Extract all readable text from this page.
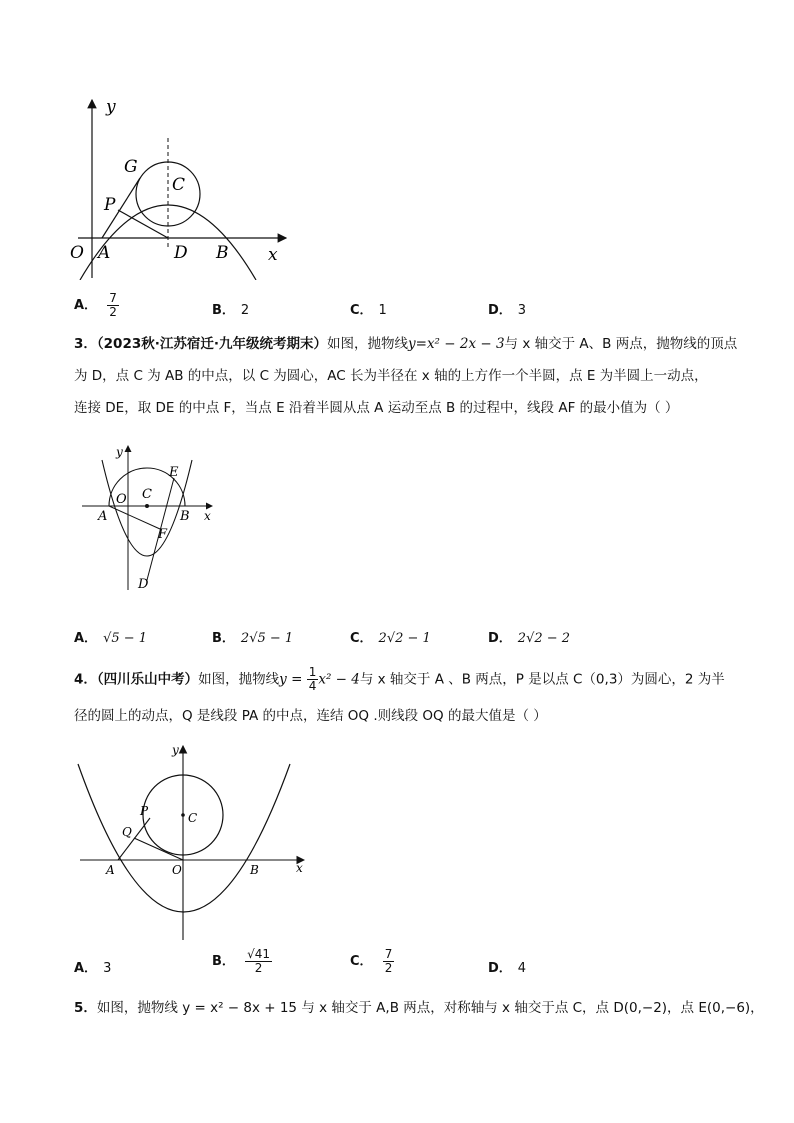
y
x
O A	D B
P
G
C
A． $\frac{7}{2}$	B． 2	C． 1	D． 3
3．（2023秋·江苏宿迁·九年级统考期末）如图，抛物线y=x² − 2x − 3与 x 轴交于 A、B 两点，抛物线的顶点
为 D，点 C 为 AB 的中点，以 C 为圆心，AC 长为半径在 x 轴的上方作一个半圆，点 E 为半圆上一动点，
连接 DE，取 DE 的中点 F，当点 E 沿着半圆从点 A 运动至点 B 的过程中，线段 AF 的最小值为（ ）
y
x
O C
E
A	B
F
D
A． √5 − 1	B． 2√5 − 1	C． 2√2 − 1	D． 2√2 − 2
4．（四川乐山中考）如图，抛物线$y = \frac{1}{4} x^2 - 4$与 x 轴交于 A 、B 两点，P 是以点 C（0,3）为圆心，2 为半
径的圆上的动点，Q 是线段 PA 的中点，连结 OQ .则线段 OQ 的最大值是（ ）
y
x
P
Q
C
A	O	B
A． 3	B． $\frac{√41}{2}$	C． $\frac{7}{2}$	D． 4
5．如图，抛物线 y = x² − 8x + 15 与 x 轴交于 A,B 两点，对称轴与 x 轴交于点 C，点 D(0,−2)，点 E(0,−6)，
